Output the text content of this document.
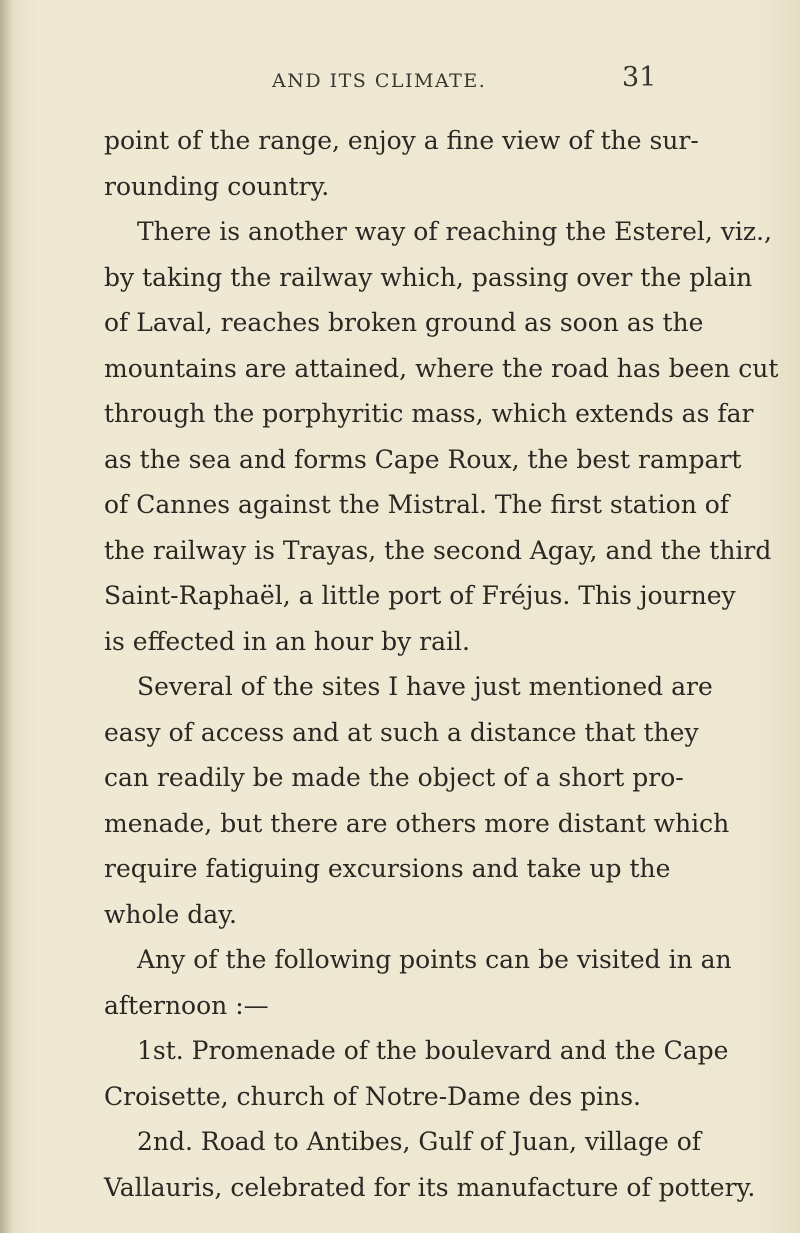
AND ITS CLIMATE.	31
point of the range, enjoy a fine view of the sur-
rounding country.
There is another way of reaching the Esterel, viz.,
by taking the railway which, passing over the plain
of Laval, reaches broken ground as soon as the
mountains are attained, where the road has been cut
through the porphyritic mass, which extends as far
as the sea and forms Cape Roux, the best rampart
of Cannes against the Mistral. The first station of
the railway is Trayas, the second Agay, and the third
Saint-Raphaël, a little port of Fréjus. This journey
is effected in an hour by rail.
Several of the sites I have just mentioned are
easy of access and at such a distance that they
can readily be made the object of a short pro-
menade, but there are others more distant which
require fatiguing excursions and take up the
whole day.
Any of the following points can be visited in an
afternoon :—
1st. Promenade of the boulevard and the Cape
Croisette, church of Notre-Dame des pins.
2nd. Road to Antibes, Gulf of Juan, village of
Vallauris, celebrated for its manufacture of pottery.
